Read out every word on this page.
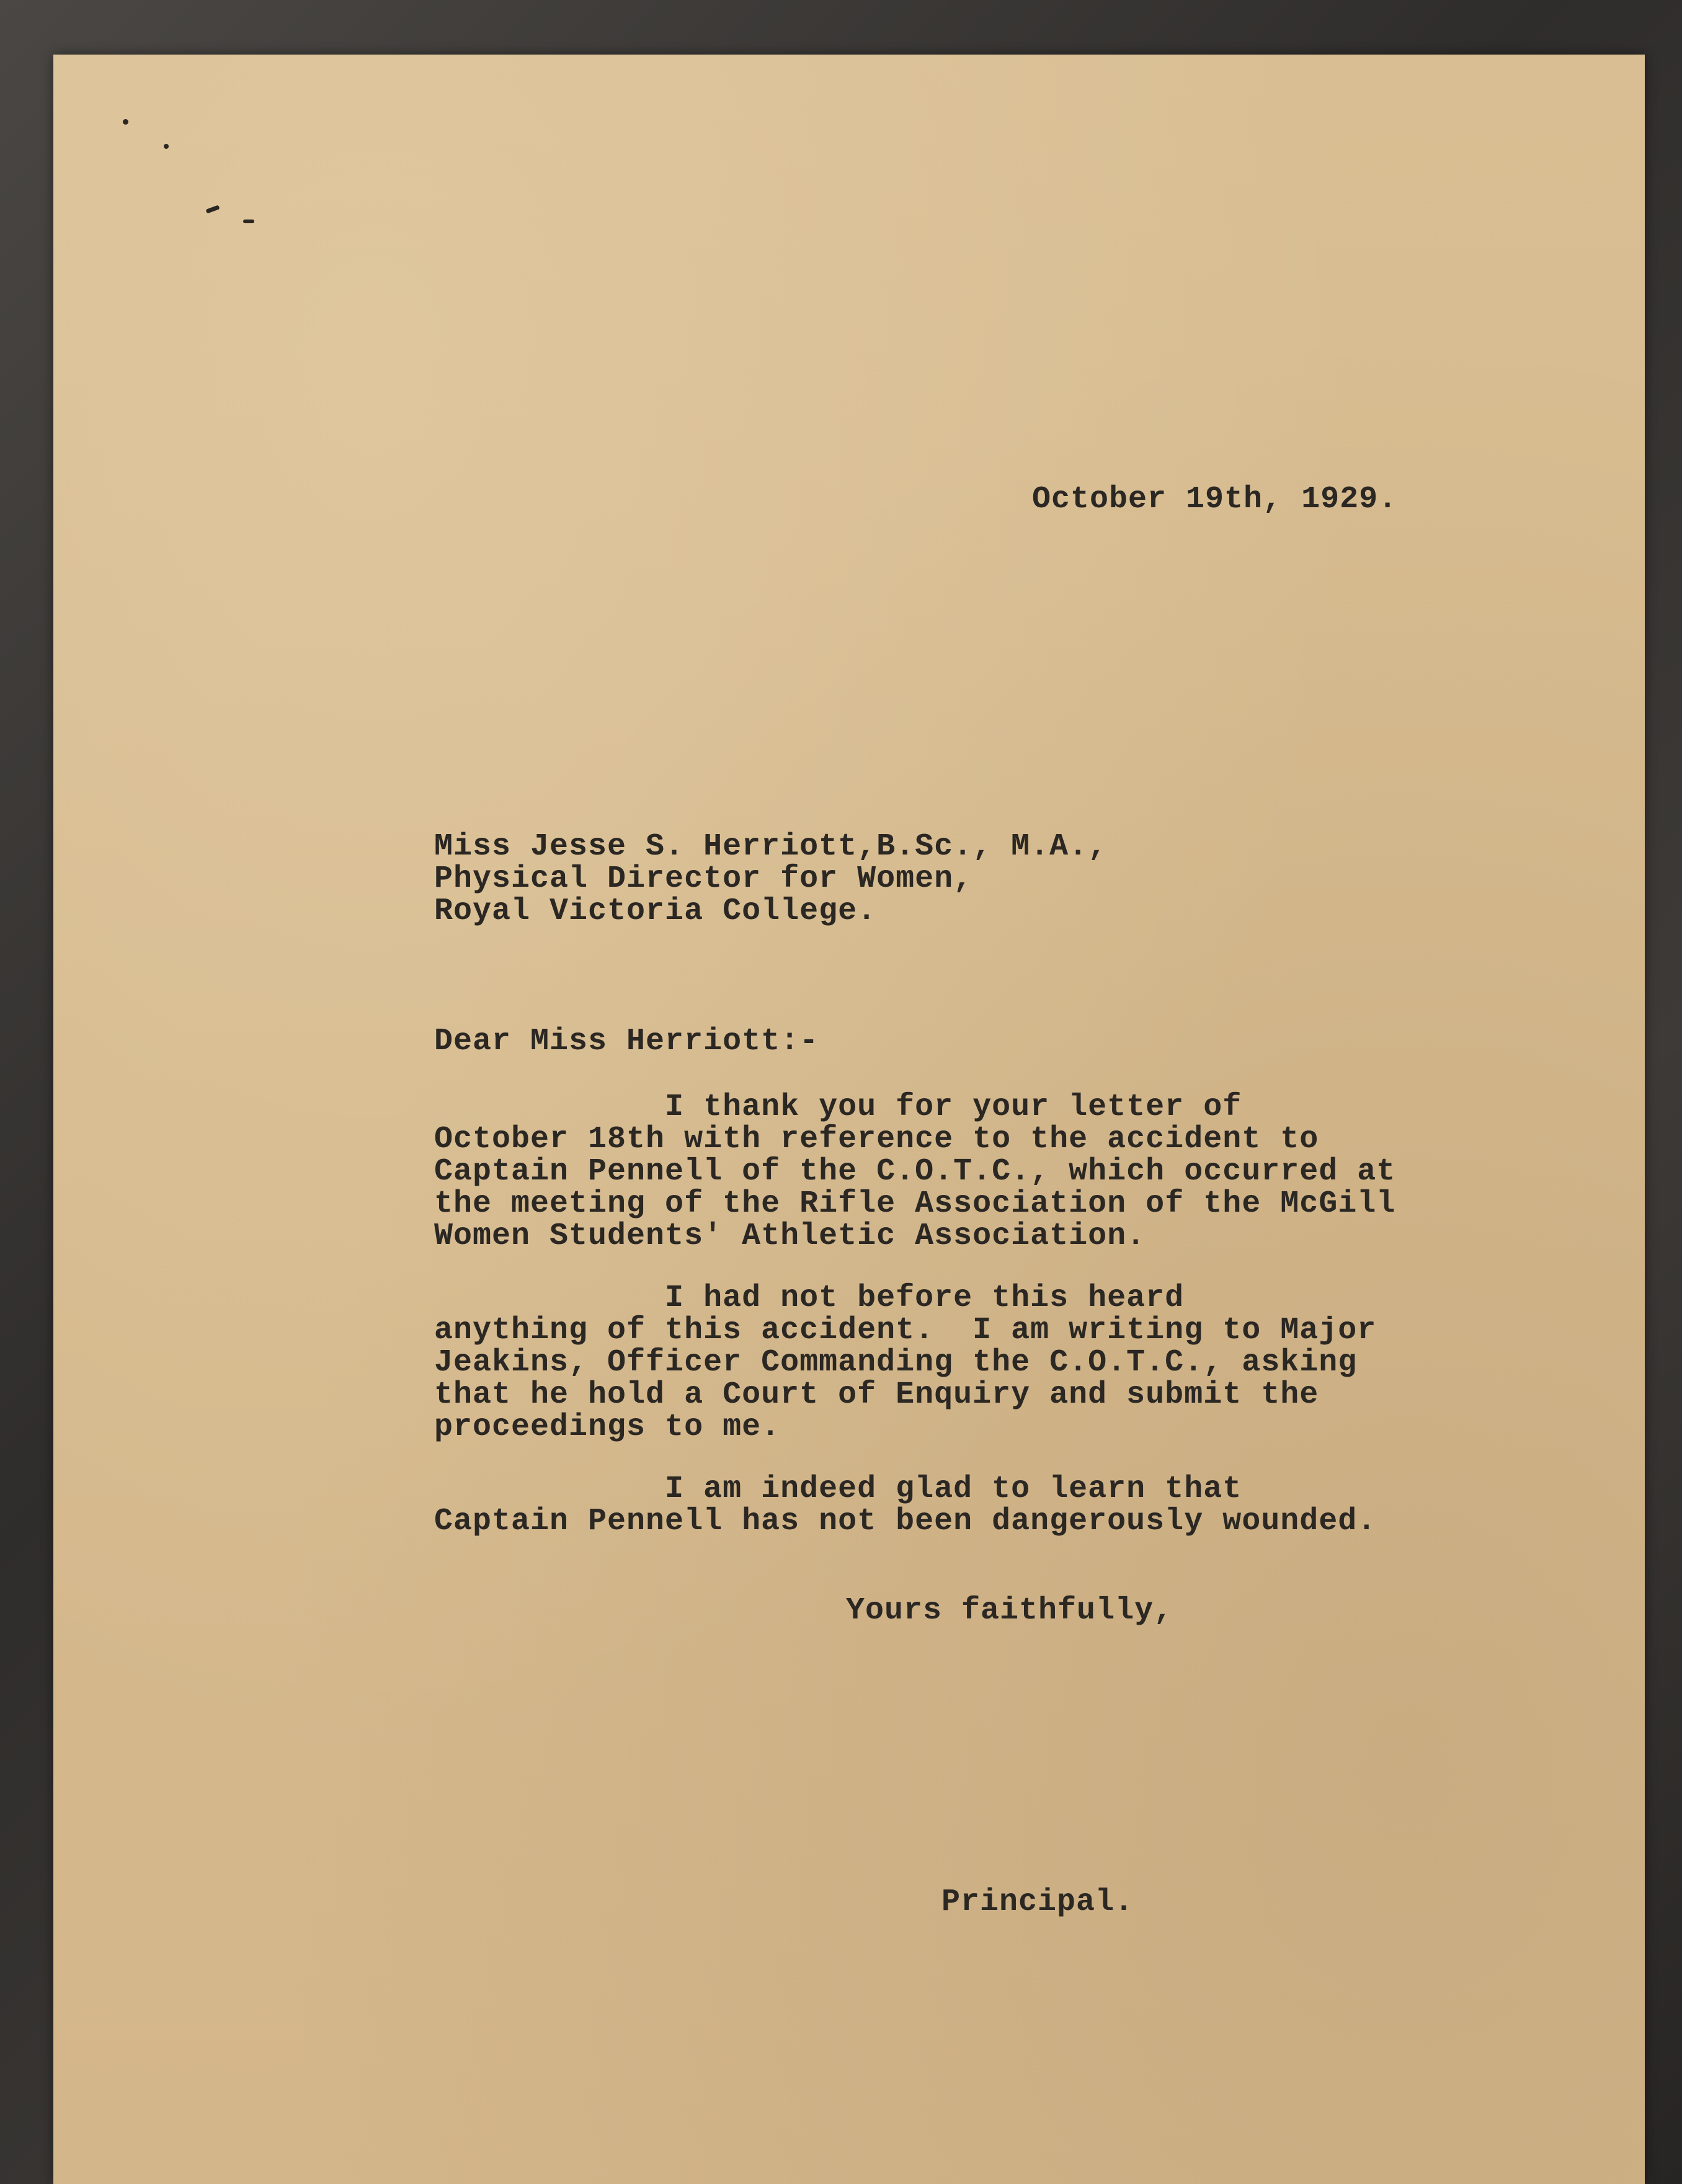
October 19th, 1929.
Miss Jesse S. Herriott,B.Sc., M.A.,
Physical Director for Women,
Royal Victoria College.
Dear Miss Herriott:-
I thank you for your letter of
October 18th with reference to the accident to
Captain Pennell of the C.O.T.C., which occurred at
the meeting of the Rifle Association of the McGill
Women Students' Athletic Association.
I had not before this heard
anything of this accident.  I am writing to Major
Jeakins, Officer Commanding the C.O.T.C., asking
that he hold a Court of Enquiry and submit the
proceedings to me.
I am indeed glad to learn that
Captain Pennell has not been dangerously wounded.
Yours faithfully,
Principal.
